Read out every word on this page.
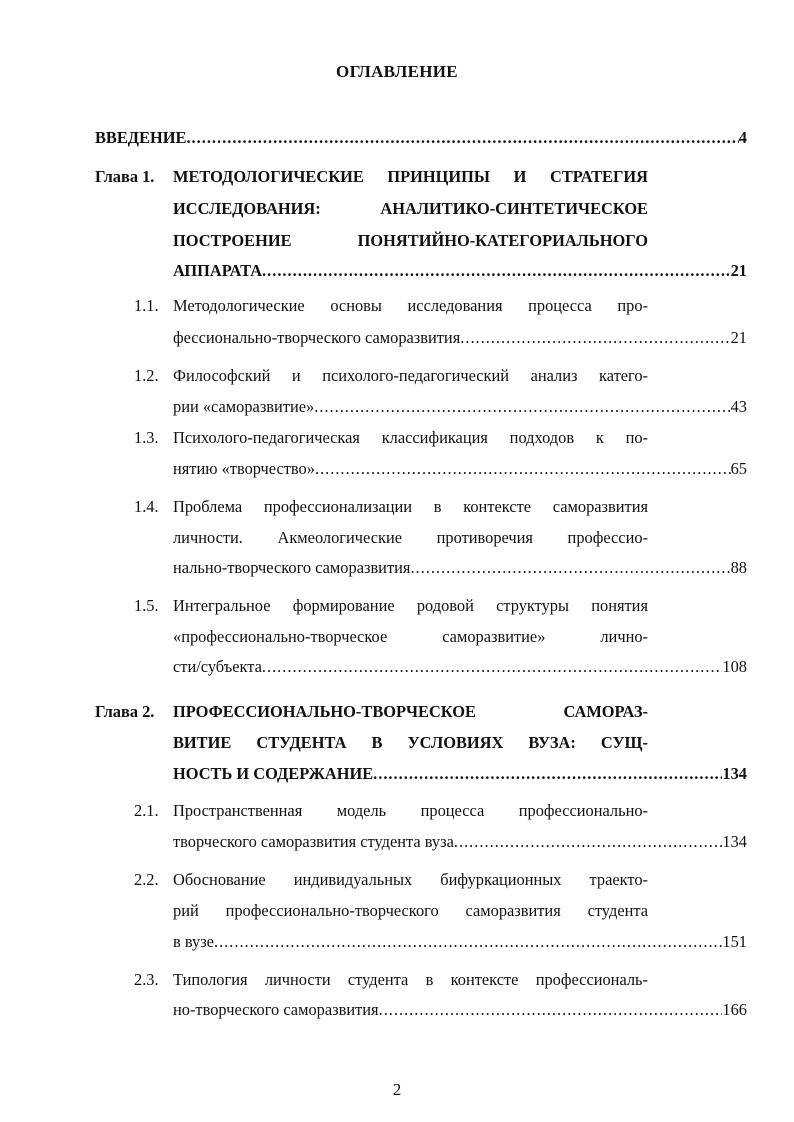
ОГЛАВЛЕНИЕ
ВВЕДЕНИЕ .....	4
Глава 1. МЕТОДОЛОГИЧЕСКИЕ ПРИНЦИПЫ И СТРАТЕГИЯ
ИССЛЕДОВАНИЯ: АНАЛИТИКО-СИНТЕТИЧЕСКОЕ
ПОСТРОЕНИЕ ПОНЯТИЙНО-КАТЕГОРИАЛЬНОГО
АППАРАТА .....	21
1.1. Методологические основы исследования процесса про-
фессионально-творческого саморазвития .....	21
1.2. Философский и психолого-педагогический анализ катего-
рии «саморазвитие» .....	43
1.3. Психолого-педагогическая классификация подходов к по-
нятию «творчество» .....	65
1.4. Проблема профессионализации в контексте саморазвития
личности. Акмеологические противоречия профессио-
нально-творческого саморазвития .....	88
1.5. Интегральное формирование родовой структуры понятия
«профессионально-творческое саморазвитие» лично-
сти/субъекта .....	108
Глава 2. ПРОФЕССИОНАЛЬНО-ТВОРЧЕСКОЕ САМОРАЗ-
ВИТИЕ СТУДЕНТА В УСЛОВИЯХ ВУЗА: СУЩ-
НОСТЬ И СОДЕРЖАНИЕ .....	134
2.1. Пространственная модель процесса профессионально-
творческого саморазвития студента вуза .....	134
2.2. Обоснование индивидуальных бифуркационных траекто-
рий профессионально-творческого саморазвития студента
в вузе .....	151
2.3. Типология личности студента в контексте профессиональ-
но-творческого саморазвития .....	166
2
